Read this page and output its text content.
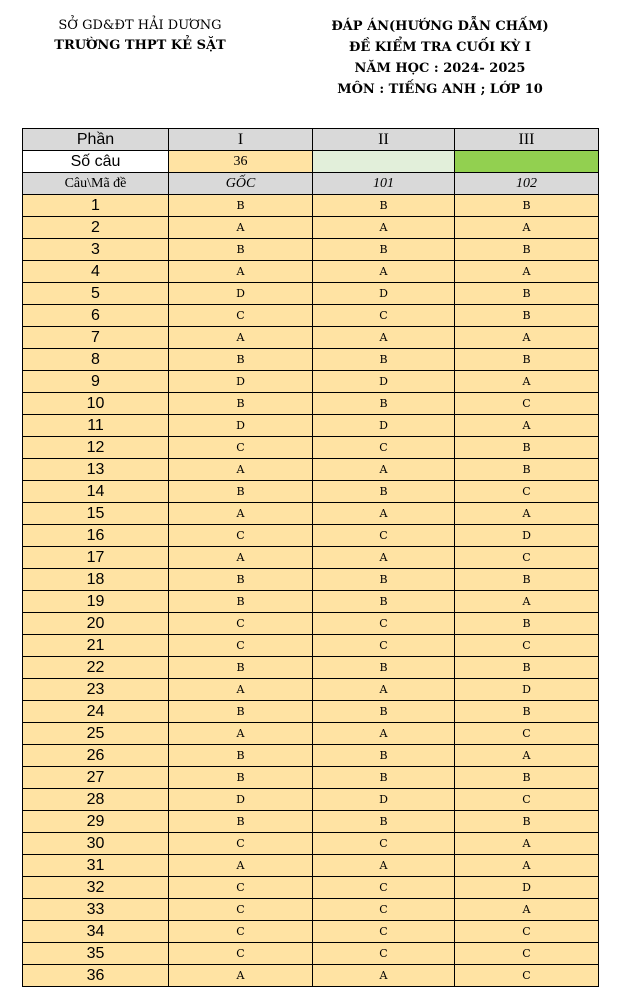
SỞ GD&ĐT HẢI DƯƠNG
TRƯỜNG THPT KẺ SẶT
ĐÁP ÁN(HƯỚNG DẪN CHẤM)
ĐỀ KIỂM TRA CUỐI KỲ I
NĂM HỌC : 2024- 2025
MÔN : TIẾNG ANH ; LỚP 10
Phần	I	II	III
Số câu	36		
Câu\Mã đề	GỐC	101	102
1	B	B	B
2	A	A	A
3	B	B	B
4	A	A	A
5	D	D	B
6	C	C	B
7	A	A	A
8	B	B	B
9	D	D	A
10	B	B	C
11	D	D	A
12	C	C	B
13	A	A	B
14	B	B	C
15	A	A	A
16	C	C	D
17	A	A	C
18	B	B	B
19	B	B	A
20	C	C	B
21	C	C	C
22	B	B	B
23	A	A	D
24	B	B	B
25	A	A	C
26	B	B	A
27	B	B	B
28	D	D	C
29	B	B	B
30	C	C	A
31	A	A	A
32	C	C	D
33	C	C	A
34	C	C	C
35	C	C	C
36	A	A	C
